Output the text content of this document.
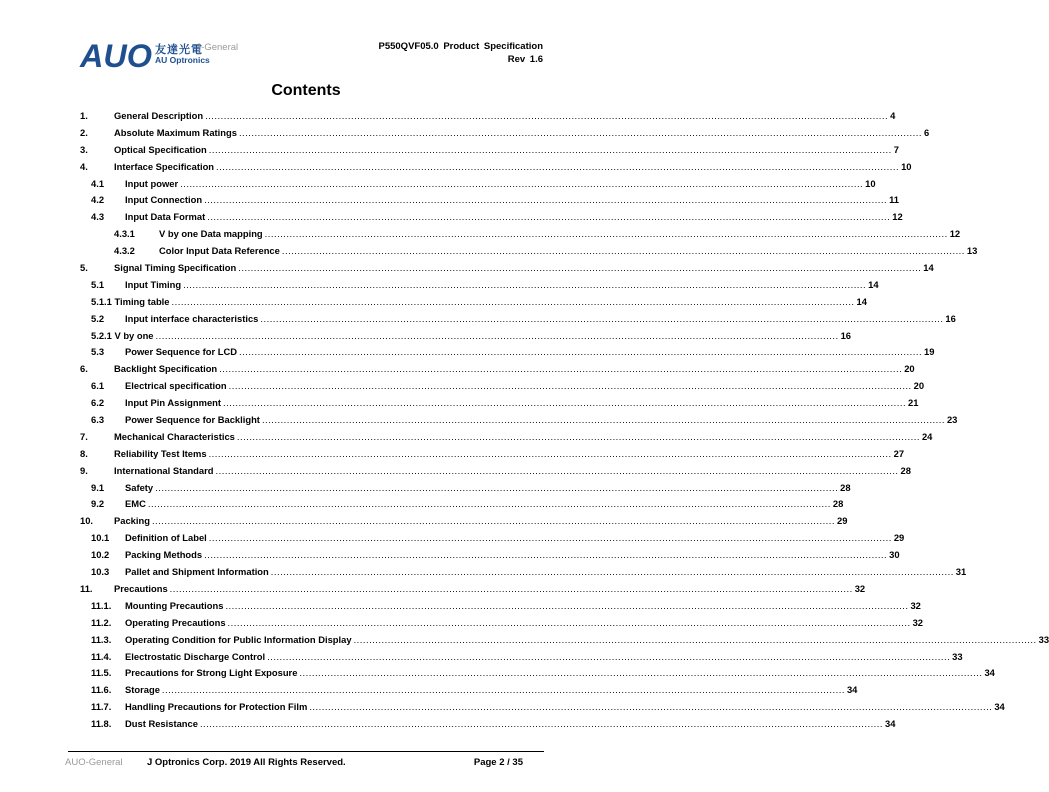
AUO 友達光電
AU Optronics
)-General	P550QVF05.0 Product Specification
Rev 1.6
Contents
1.	General Description ............................................................................................................................................................................................................................ 4
2.	Absolute Maximum Ratings ............................................................................................................................................................................................................................ 6
3.	Optical Specification ............................................................................................................................................................................................................................ 7
4.	Interface Specification ............................................................................................................................................................................................................................ 10
4.1	Input power ............................................................................................................................................................................................................................ 10
4.2	Input Connection ............................................................................................................................................................................................................................ 11
4.3	Input Data Format ............................................................................................................................................................................................................................ 12
4.3.1	V by one Data mapping ............................................................................................................................................................................................................................ 12
4.3.2	Color Input Data Reference ............................................................................................................................................................................................................................ 13
5.	Signal Timing Specification ............................................................................................................................................................................................................................ 14
5.1	Input Timing ............................................................................................................................................................................................................................ 14
5.1.1 Timing table ............................................................................................................................................................................................................................ 14
5.2	Input interface characteristics ............................................................................................................................................................................................................................ 16
5.2.1 V by one ............................................................................................................................................................................................................................ 16
5.3	Power Sequence for LCD ............................................................................................................................................................................................................................ 19
6.	Backlight Specification ............................................................................................................................................................................................................................ 20
6.1	Electrical specification ............................................................................................................................................................................................................................ 20
6.2	Input Pin Assignment ............................................................................................................................................................................................................................ 21
6.3	Power Sequence for Backlight ............................................................................................................................................................................................................................ 23
7.	Mechanical Characteristics ............................................................................................................................................................................................................................ 24
8.	Reliability Test Items ............................................................................................................................................................................................................................ 27
9.	International Standard ............................................................................................................................................................................................................................ 28
9.1	Safety ............................................................................................................................................................................................................................ 28
9.2	EMC ............................................................................................................................................................................................................................ 28
10.	Packing ............................................................................................................................................................................................................................ 29
10.1	Definition of Label ............................................................................................................................................................................................................................ 29
10.2	Packing Methods ............................................................................................................................................................................................................................ 30
10.3	Pallet and Shipment Information ............................................................................................................................................................................................................................ 31
11.	Precautions ............................................................................................................................................................................................................................ 32
11.1.	Mounting Precautions ............................................................................................................................................................................................................................ 32
11.2.	Operating Precautions ............................................................................................................................................................................................................................ 32
11.3.	Operating Condition for Public Information Display ............................................................................................................................................................................................................................ 33
11.4.	Electrostatic Discharge Control ............................................................................................................................................................................................................................ 33
11.5.	Precautions for Strong Light Exposure ............................................................................................................................................................................................................................ 34
11.6.	Storage ............................................................................................................................................................................................................................ 34
11.7.	Handling Precautions for Protection Film ............................................................................................................................................................................................................................ 34
11.8.	Dust Resistance ............................................................................................................................................................................................................................ 34
AUO-General	J Optronics Corp. 2019 All Rights Reserved.	Page 2 / 35
